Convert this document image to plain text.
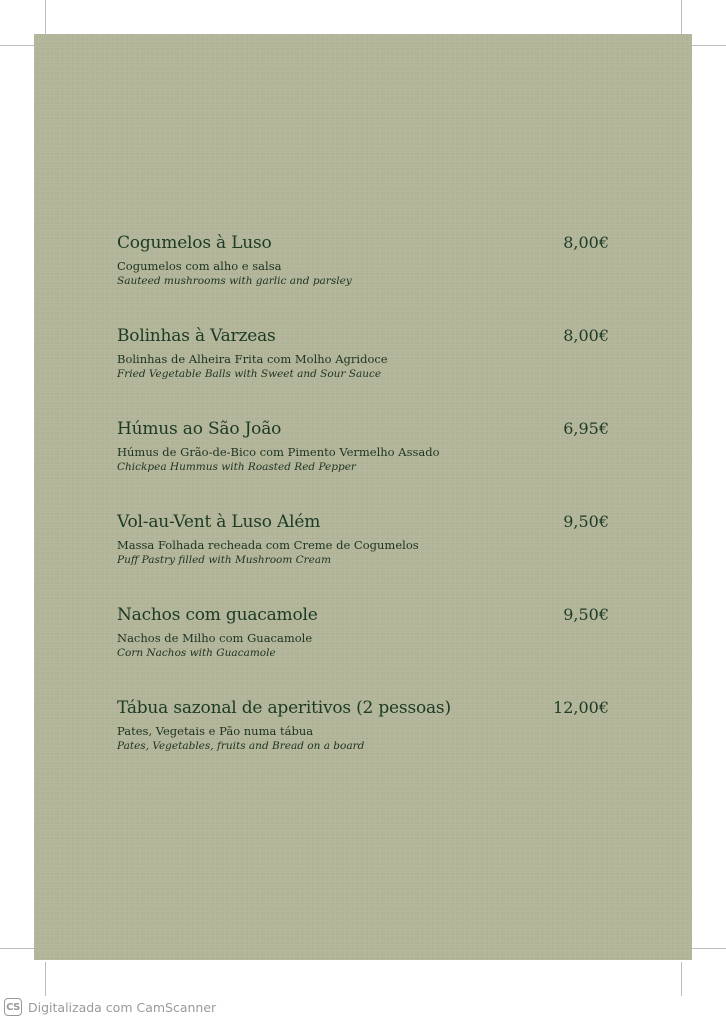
Cogumelos à Luso	8,00€
Cogumelos com alho e salsa
Sauteed mushrooms with garlic and parsley
Bolinhas à Varzeas	8,00€
Bolinhas de Alheira Frita com Molho Agridoce
Fried Vegetable Balls with Sweet and Sour Sauce
Húmus ao São João	6,95€
Húmus de Grão-de-Bico com Pimento Vermelho Assado
Chickpea Hummus with Roasted Red Pepper
Vol-au-Vent à Luso Além	9,50€
Massa Folhada recheada com Creme de Cogumelos
Puff Pastry filled with Mushroom Cream
Nachos com guacamole	9,50€
Nachos de Milho com Guacamole
Corn Nachos with Guacamole
Tábua sazonal de aperitivos (2 pessoas)	12,00€
Pates, Vegetais e Pão numa tábua
Pates, Vegetables, fruits and Bread on a board
CS Digitalizada com CamScanner
